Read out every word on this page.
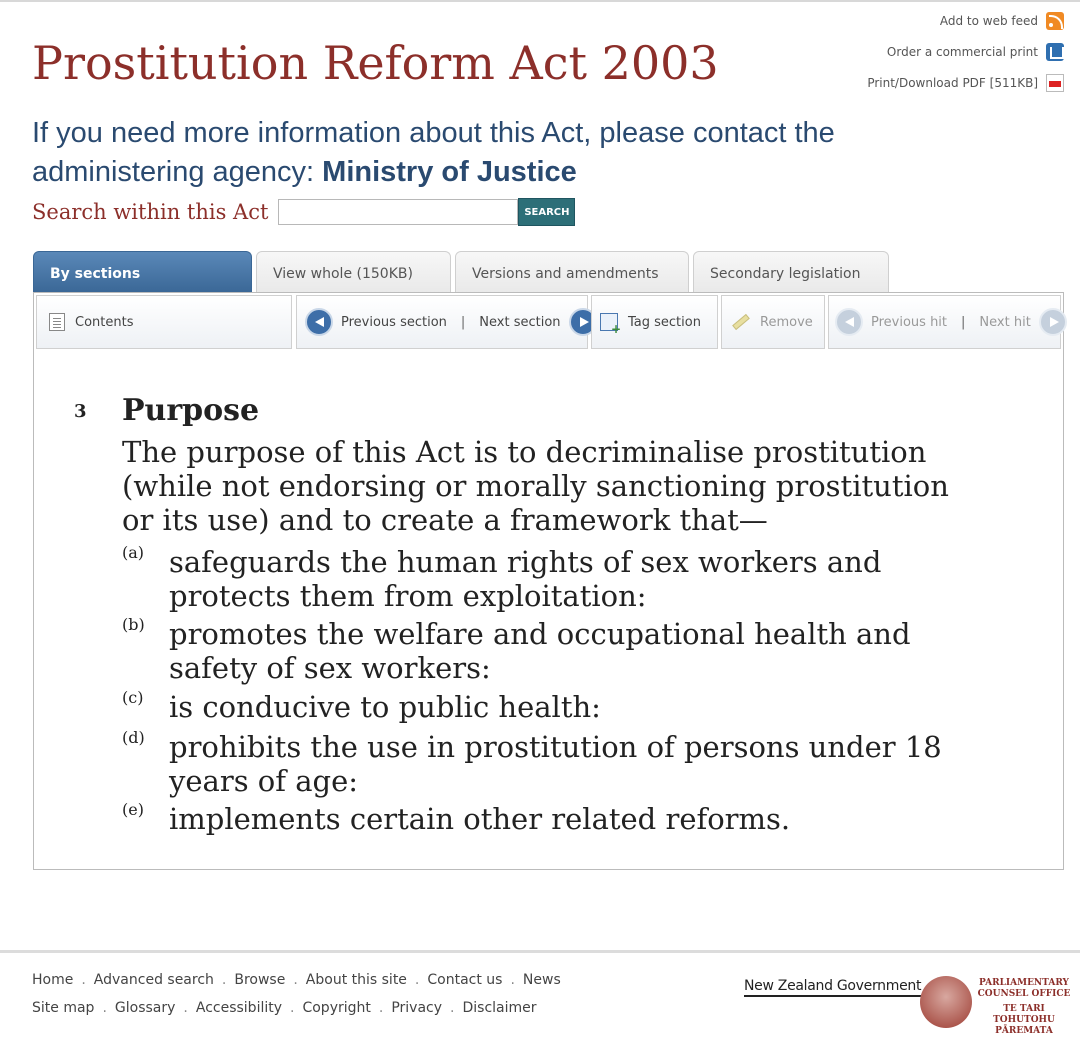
Add to web feed
Order a commercial print
Print/Download PDF [511KB]
Prostitution Reform Act 2003
If you need more information about this Act, please contact the administering agency: Ministry of Justice
Search within this Act	SEARCH
By sections	View whole (150KB)	Versions and amendments	Secondary legislation
Contents	Previous section | Next section
+	Tag section	Remove	Previous hit | Next hit
3 Purpose
The purpose of this Act is to decriminalise prostitution (while not endorsing or morally sanctioning prostitution or its use) and to create a framework that—
(a) safeguards the human rights of sex workers and protects them from exploitation:
(b) promotes the welfare and occupational health and safety of sex workers:
(c) is conducive to public health:
(d) prohibits the use in prostitution of persons under 18 years of age:
(e) implements certain other related reforms.
Home . Advanced search . Browse . About this site . Contact us . News
Site map . Glossary . Accessibility . Copyright . Privacy . Disclaimer
New Zealand Government	PARLIAMENTARY
COUNSEL OFFICE
TE TARI TOHUTOHU
PĀREMATA
